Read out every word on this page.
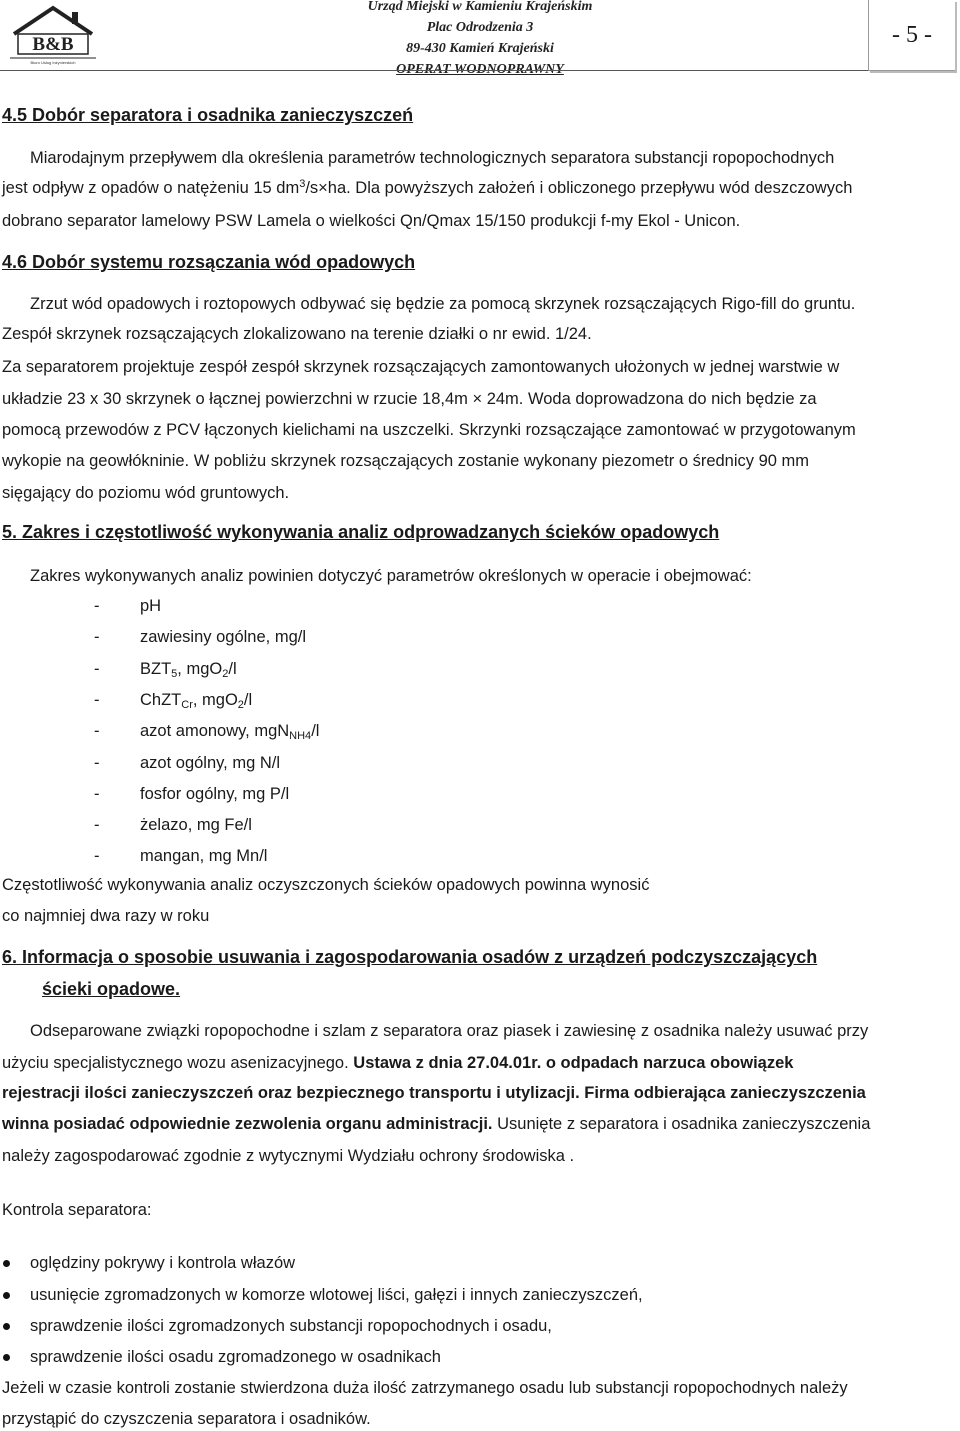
B&B
Biuro Usług Inżynierskich
Urząd Miejski w Kamieniu Krajeńskim
Plac Odrodzenia 3
89-430 Kamień Krajeński
OPERAT WODNOPRAWNY
- 5 -
4.5 Dobór separatora i osadnika zanieczyszczeń
Miarodajnym przepływem dla określenia parametrów technologicznych separatora substancji ropopochodnych
jest odpływ z opadów o natężeniu 15 $dm^3/s\times ha$. Dla powyższych założeń i obliczonego przepływu wód deszczowych
dobrano separator lamelowy PSW Lamela o wielkości Qn/Qmax 15/150 produkcji f-my Ekol - Unicon.
4.6 Dobór systemu rozsączania wód opadowych
Zrzut wód opadowych i roztopowych odbywać się będzie za pomocą skrzynek rozsączających Rigo-fill do gruntu.
Zespół skrzynek rozsączających zlokalizowano na terenie działki o nr ewid. 1/24.
Za separatorem projektuje zespół zespół skrzynek rozsączających zamontowanych ułożonych w jednej warstwie w
układzie 23 x 30 skrzynek o łącznej powierzchni w rzucie 18,4m × 24m. Woda doprowadzona do nich będzie za
pomocą przewodów z PCV łączonych kielichami na uszczelki. Skrzynki rozsączające zamontować w przygotowanym
wykopie na geowłókninie. W pobliżu skrzynek rozsączających zostanie wykonany piezometr o średnicy 90 mm
sięgający do poziomu wód gruntowych.
5. Zakres i częstotliwość wykonywania analiz odprowadzanych ścieków opadowych
Zakres wykonywanych analiz powinien dotyczyć parametrów określonych w operacie i obejmować:
- pH
- zawiesiny ogólne, mg/l
- $BZT_5$, mgO$_2$/l
- ChZT$_{Cr}$, mgO$_2$/l
- azot amonowy, mgN$_{NH4}$/l
- azot ogólny, mg N/l
- fosfor ogólny, mg P/l
- żelazo, mg Fe/l
- mangan, mg Mn/l
Częstotliwość wykonywania analiz oczyszczonych ścieków opadowych powinna wynosić
co najmniej dwa razy w roku
6. Informacja o sposobie usuwania i zagospodarowania osadów z urządzeń podczyszczających
ścieki opadowe.
Odseparowane związki ropopochodne i szlam z separatora oraz piasek i zawiesinę z osadnika należy usuwać przy
użyciu specjalistycznego wozu asenizacyjnego. Ustawa z dnia 27.04.01r. o odpadach narzuca obowiązek
rejestracji ilości zanieczyszczeń oraz bezpiecznego transportu i utylizacji. Firma odbierająca zanieczyszczenia
winna posiadać odpowiednie zezwolenia organu administracji. Usunięte z separatora i osadnika zanieczyszczenia
należy zagospodarować zgodnie z wytycznymi Wydziału ochrony środowiska .
Kontrola separatora:
oględziny pokrywy i kontrola włazów
usunięcie zgromadzonych w komorze wlotowej liści, gałęzi i innych zanieczyszczeń,
sprawdzenie ilości zgromadzonych substancji ropopochodnych i osadu,
sprawdzenie ilości osadu zgromadzonego w osadnikach
Jeżeli w czasie kontroli zostanie stwierdzona duża ilość zatrzymanego osadu lub substancji ropopochodnych należy
przystąpić do czyszczenia separatora i osadników.
